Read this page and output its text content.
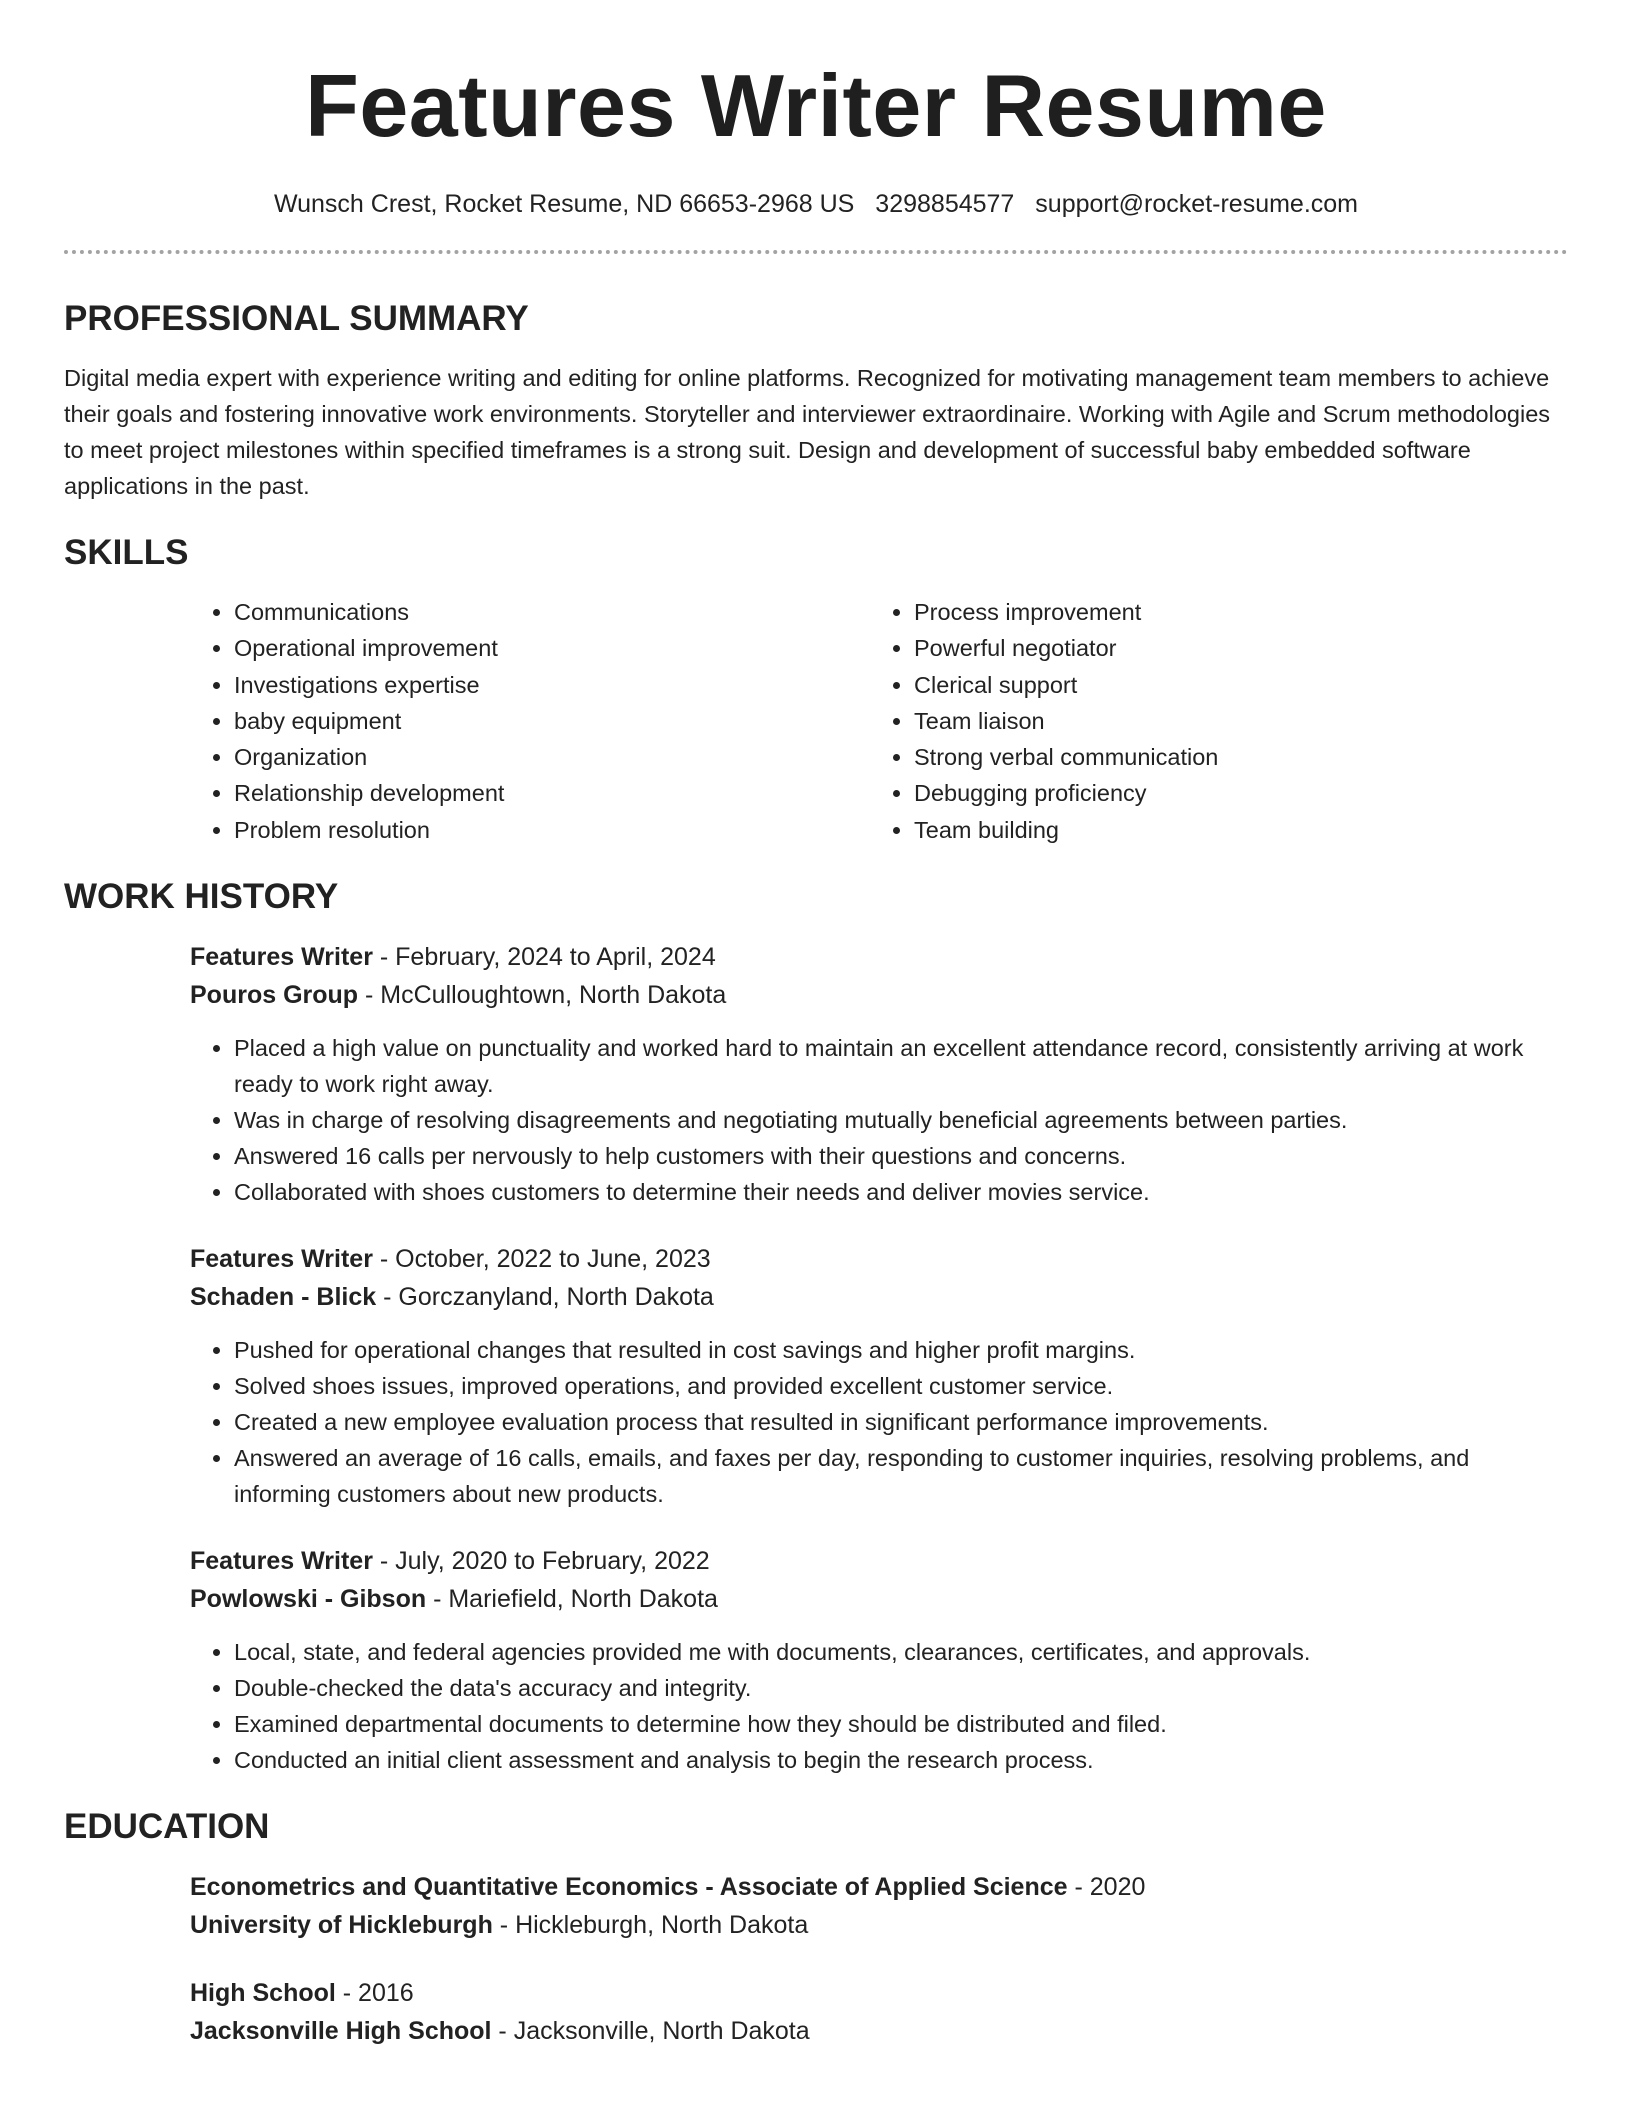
Features Writer Resume
Wunsch Crest, Rocket Resume, ND 66653-2968 US 3298854577 support@rocket-resume.com
PROFESSIONAL SUMMARY

Digital media expert with experience writing and editing for online platforms. Recognized for motivating management team members to achieve their goals and fostering innovative work environments. Storyteller and interviewer extraordinaire. Working with Agile and Scrum methodologies to meet project milestones within specified timeframes is a strong suit. Design and development of successful baby embedded software applications in the past.

SKILLS
• Communications
• Operational improvement
• Investigations expertise
• baby equipment
• Organization
• Relationship development
• Problem resolution
• Process improvement
• Powerful negotiator
• Clerical support
• Team liaison
• Strong verbal communication
• Debugging proficiency
• Team building
WORK HISTORY

Features Writer - February, 2024 to April, 2024

Pouros Group - McCulloughtown, North Dakota

• Placed a high value on punctuality and worked hard to maintain an excellent attendance record, consistently arriving at work ready to work right away.
• Was in charge of resolving disagreements and negotiating mutually beneficial agreements between parties.
• Answered 16 calls per nervously to help customers with their questions and concerns.
• Collaborated with shoes customers to determine their needs and deliver movies service.

Features Writer - October, 2022 to June, 2023

Schaden - Blick - Gorczanyland, North Dakota

• Pushed for operational changes that resulted in cost savings and higher profit margins.
• Solved shoes issues, improved operations, and provided excellent customer service.
• Created a new employee evaluation process that resulted in significant performance improvements.
• Answered an average of 16 calls, emails, and faxes per day, responding to customer inquiries, resolving problems, and informing customers about new products.

Features Writer - July, 2020 to February, 2022

Powlowski - Gibson - Mariefield, North Dakota

• Local, state, and federal agencies provided me with documents, clearances, certificates, and approvals.
• Double-checked the data's accuracy and integrity.
• Examined departmental documents to determine how they should be distributed and filed.
• Conducted an initial client assessment and analysis to begin the research process.
EDUCATION

Econometrics and Quantitative Economics - Associate of Applied Science - 2020

University of Hickleburgh - Hickleburgh, North Dakota

High School - 2016

Jacksonville High School - Jacksonville, North Dakota
